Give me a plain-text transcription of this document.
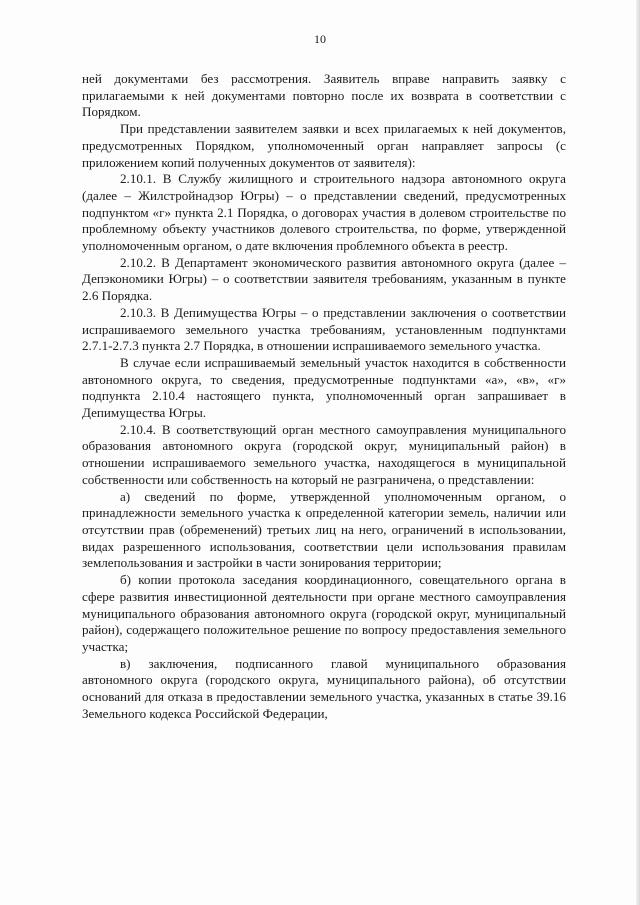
10

ней документами без рассмотрения. Заявитель вправе направить заявку с прилагаемыми к ней документами повторно после их возврата в соответствии с Порядком.

При представлении заявителем заявки и всех прилагаемых к ней документов, предусмотренных Порядком, уполномоченный орган направляет запросы (с приложением копий полученных документов от заявителя):

2.10.1. В Службу жилищного и строительного надзора автономного округа (далее – Жилстройнадзор Югры) – о представлении сведений, предусмотренных подпунктом «г» пункта 2.1 Порядка, о договорах участия в долевом строительстве по проблемному объекту участников долевого строительства, по форме, утвержденной уполномоченным органом, о дате включения проблемного объекта в реестр.

2.10.2. В Департамент экономического развития автономного округа (далее – Депэкономики Югры) – о соответствии заявителя требованиям, указанным в пункте 2.6 Порядка.

2.10.3. В Депимущества Югры – о представлении заключения о соответствии испрашиваемого земельного участка требованиям, установленным подпунктами 2.7.1-2.7.3 пункта 2.7 Порядка, в отношении испрашиваемого земельного участка.

В случае если испрашиваемый земельный участок находится в собственности автономного округа, то сведения, предусмотренные подпунктами «а», «в», «г» подпункта 2.10.4 настоящего пункта, уполномоченный орган запрашивает в Депимущества Югры.

2.10.4. В соответствующий орган местного самоуправления муниципального образования автономного округа (городской округ, муниципальный район) в отношении испрашиваемого земельного участка, находящегося в муниципальной собственности или собственность на который не разграничена, о представлении:

а) сведений по форме, утвержденной уполномоченным органом, о принадлежности земельного участка к определенной категории земель, наличии или отсутствии прав (обременений) третьих лиц на него, ограничений в использовании, видах разрешенного использования, соответствии цели использования правилам землепользования и застройки в части зонирования территории;

б) копии протокола заседания координационного, совещательного органа в сфере развития инвестиционной деятельности при органе местного самоуправления муниципального образования автономного округа (городской округ, муниципальный район), содержащего положительное решение по вопросу предоставления земельного участка;

в) заключения, подписанного главой муниципального образования автономного округа (городского округа, муниципального района), об отсутствии оснований для отказа в предоставлении земельного участка, указанных в статье 39.16 Земельного кодекса Российской Федерации,
